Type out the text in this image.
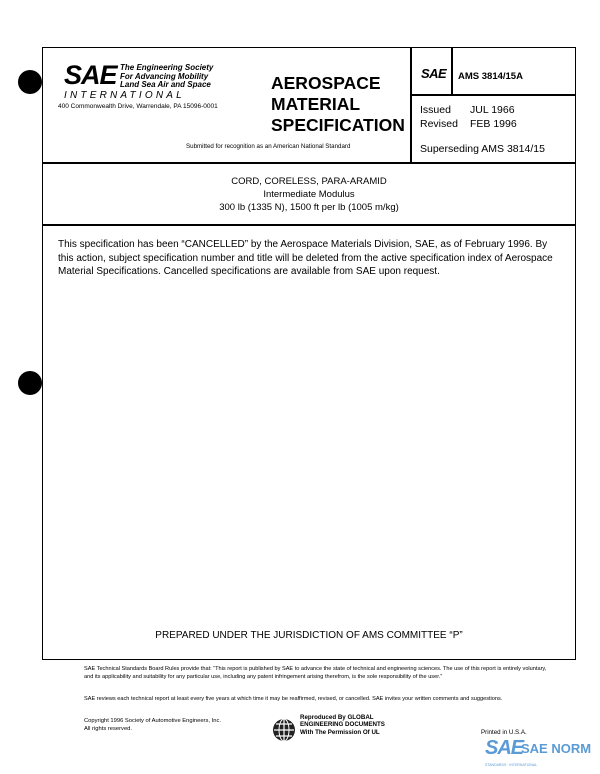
SAE The Engineering Society
For Advancing Mobility
Land Sea Air and Space
INTERNATIONAL
400 Commonwealth Drive, Warrendale, PA 15096-0001
AEROSPACE
MATERIAL
SPECIFICATION
Submitted for recognition as an American National Standard
SAE AMS 3814/15A
Issued JUL 1966
Revised FEB 1996
Superseding AMS 3814/15
CORD, CORELESS, PARA-ARAMID
Intermediate Modulus
300 lb (1335 N), 1500 ft per lb (1005 m/kg)
This specification has been “CANCELLED” by the Aerospace Materials Division, SAE, as of February 1996. By this action, subject specification number and title will be deleted from the active specification index of Aerospace Material Specifications. Cancelled specifications are available from SAE upon request.
PREPARED UNDER THE JURISDICTION OF AMS COMMITTEE “P”
SAE Technical Standards Board Rules provide that: “This report is published by SAE to advance the state of technical and engineering sciences. The use of this report is entirely voluntary, and its applicability and suitability for any particular use, including any patent infringement arising therefrom, is the sole responsibility of the user.”
SAE reviews each technical report at least every five years at which time it may be reaffirmed, revised, or cancelled. SAE invites your written comments and suggestions.
Copyright 1996 Society of Automotive Engineers, Inc.
All rights reserved.
Reproduced By GLOBAL
ENGINEERING DOCUMENTS
With The Permission Of UL	Printed in U.S.A.
SAE
SAE NORM
STANDARDS · INTERNATIONAL
